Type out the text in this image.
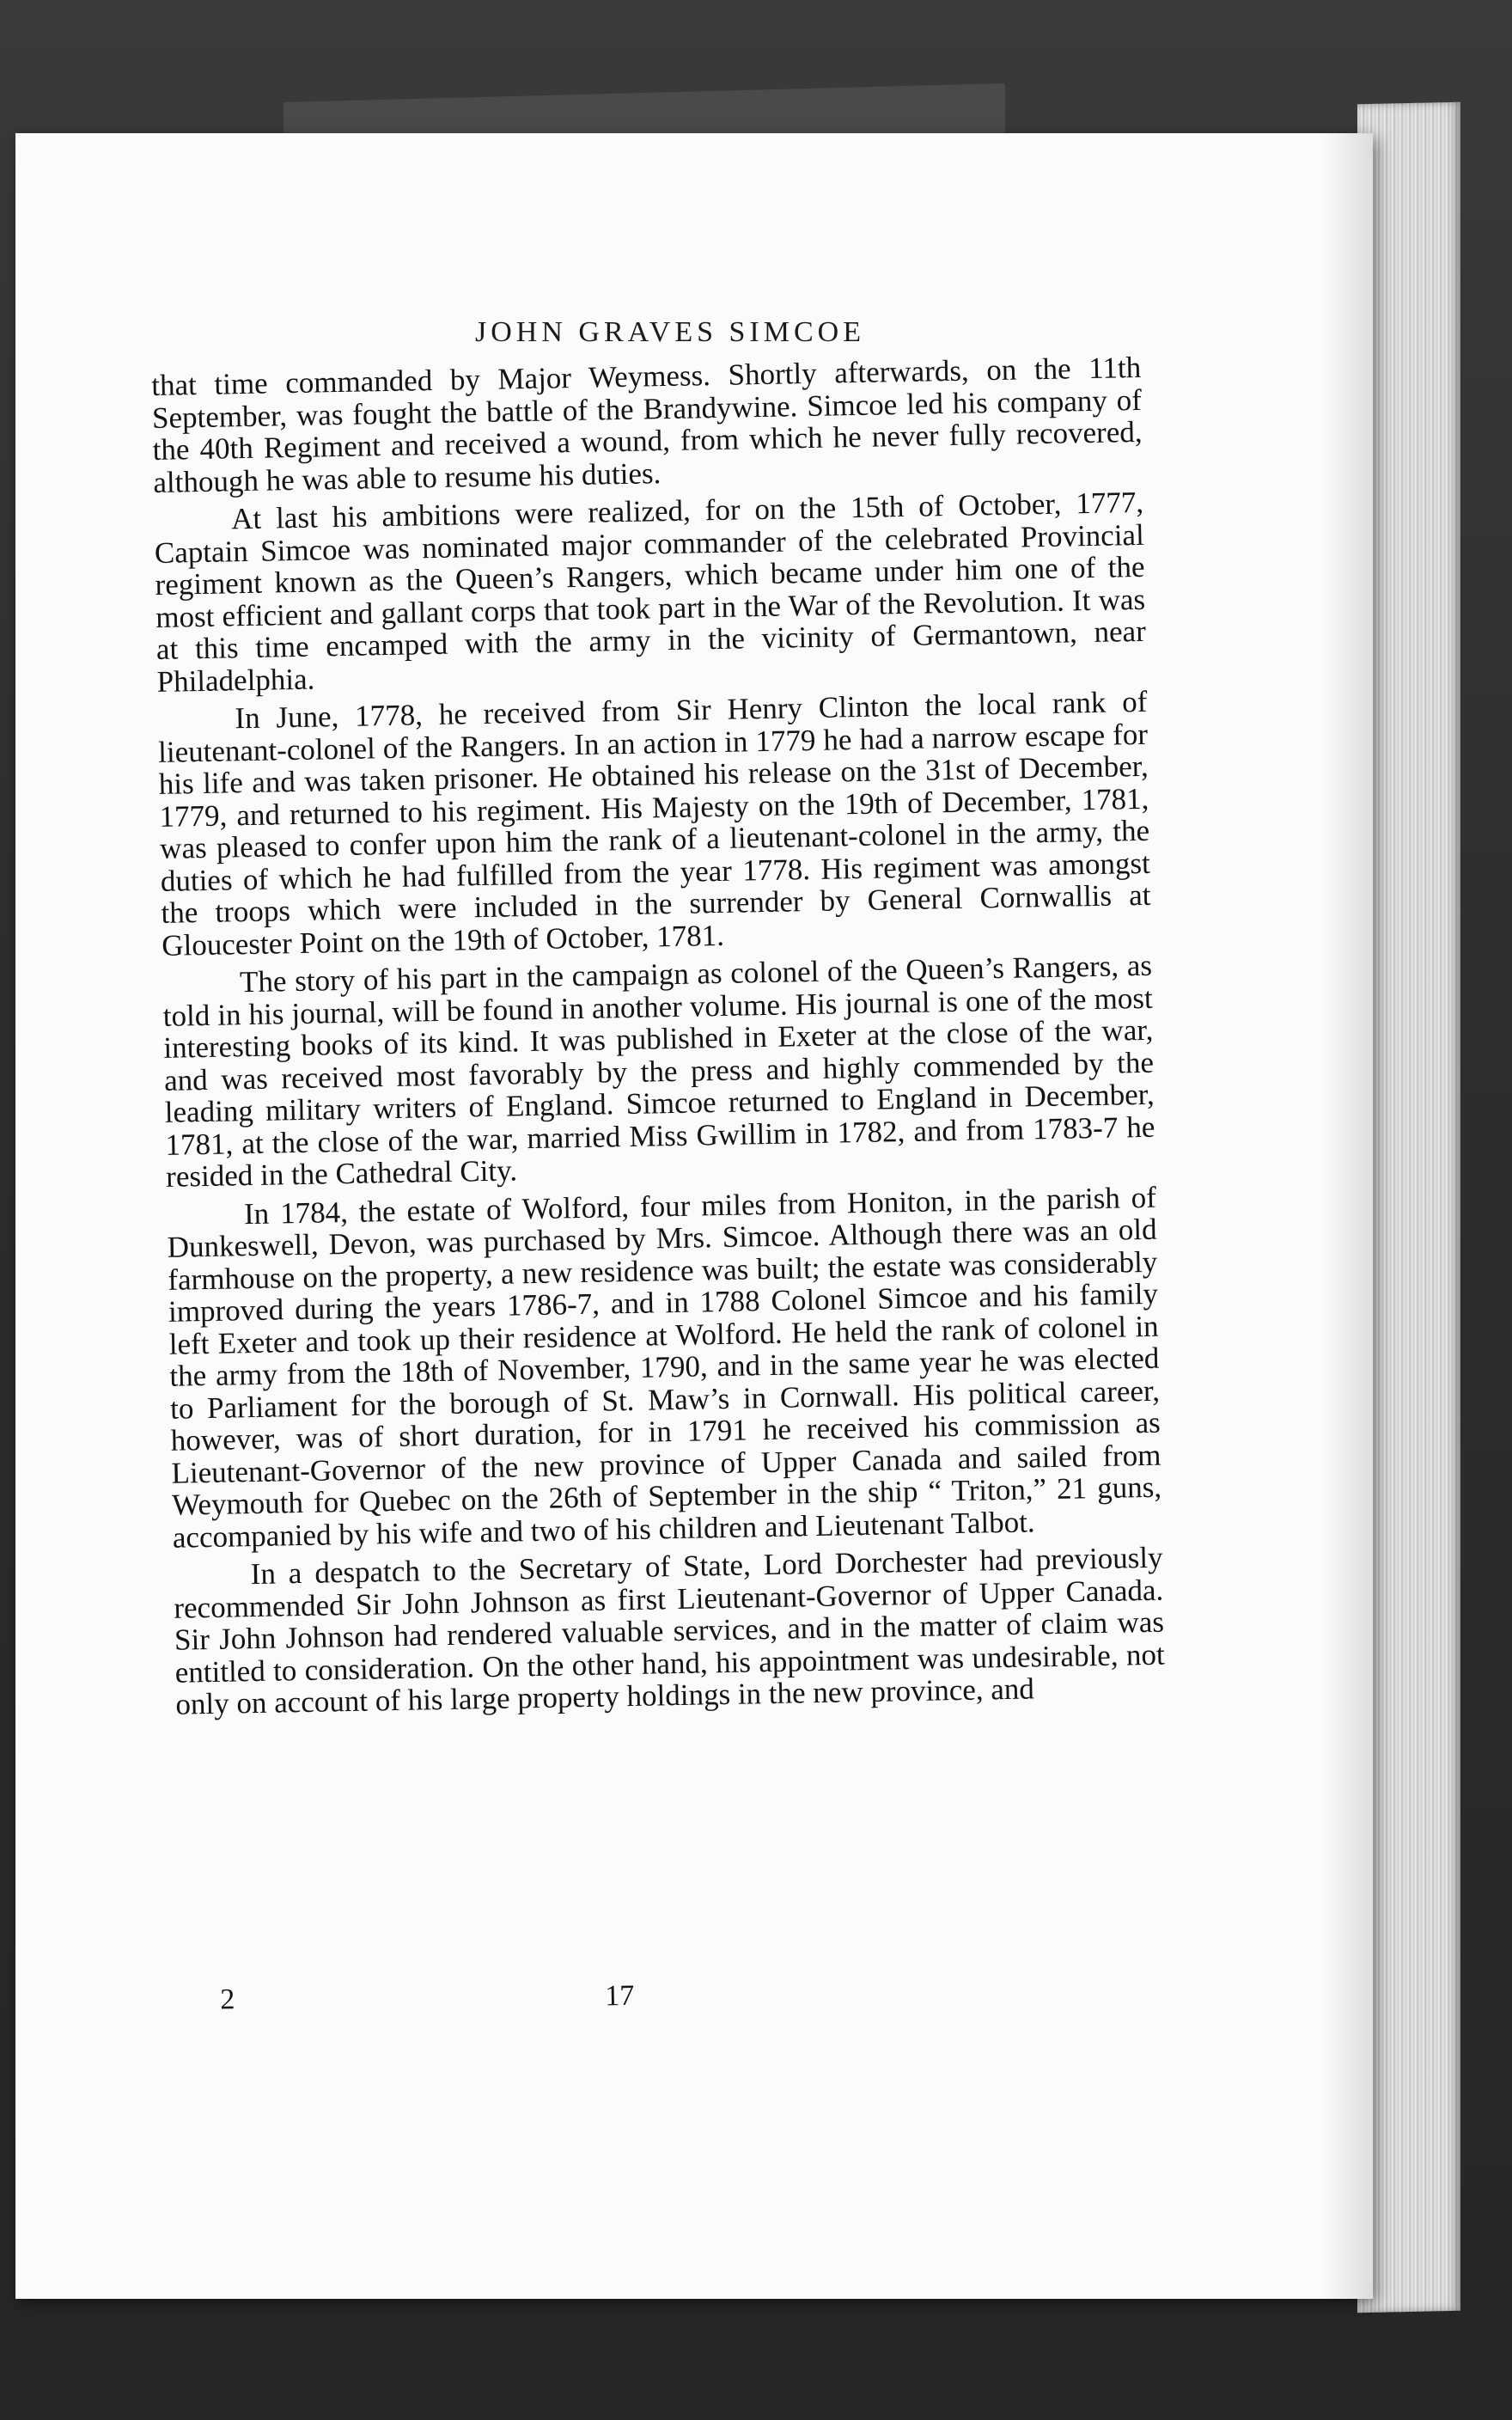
JOHN GRAVES SIMCOE

that time commanded by Major Weymess. Shortly afterwards, on the 11th September, was fought the battle of the Brandywine. Simcoe led his company of the 40th Regiment and received a wound, from which he never fully recovered, although he was able to resume his duties.

At last his ambitions were realized, for on the 15th of October, 1777, Captain Simcoe was nominated major commander of the celebrated Provincial regiment known as the Queen’s Rangers, which became under him one of the most efficient and gallant corps that took part in the War of the Revolution. It was at this time encamped with the army in the vicinity of Germantown, near Philadelphia.

In June, 1778, he received from Sir Henry Clinton the local rank of lieutenant-colonel of the Rangers. In an action in 1779 he had a narrow escape for his life and was taken prisoner. He obtained his release on the 31st of December, 1779, and returned to his regiment. His Majesty on the 19th of December, 1781, was pleased to confer upon him the rank of a lieutenant-colonel in the army, the duties of which he had fulfilled from the year 1778. His regiment was amongst the troops which were included in the surrender by General Cornwallis at Gloucester Point on the 19th of October, 1781.

The story of his part in the campaign as colonel of the Queen’s Rangers, as told in his journal, will be found in another volume. His journal is one of the most interesting books of its kind. It was published in Exeter at the close of the war, and was received most favorably by the press and highly commended by the leading military writers of England. Simcoe returned to England in December, 1781, at the close of the war, married Miss Gwillim in 1782, and from 1783-7 he resided in the Cathedral City.

In 1784, the estate of Wolford, four miles from Honiton, in the parish of Dunkeswell, Devon, was purchased by Mrs. Simcoe. Although there was an old farmhouse on the property, a new residence was built; the estate was considerably improved during the years 1786-7, and in 1788 Colonel Simcoe and his family left Exeter and took up their residence at Wolford. He held the rank of colonel in the army from the 18th of November, 1790, and in the same year he was elected to Parliament for the borough of St. Maw’s in Cornwall. His political career, however, was of short duration, for in 1791 he received his commission as Lieutenant-Governor of the new province of Upper Canada and sailed from Weymouth for Quebec on the 26th of September in the ship “ Triton,” 21 guns, accompanied by his wife and two of his children and Lieutenant Talbot.

In a despatch to the Secretary of State, Lord Dorchester had previously recommended Sir John Johnson as first Lieutenant-Governor of Upper Canada. Sir John Johnson had rendered valuable services, and in the matter of claim was entitled to consideration. On the other hand, his appointment was undesirable, not only on account of his large property holdings in the new province, and

2	17
